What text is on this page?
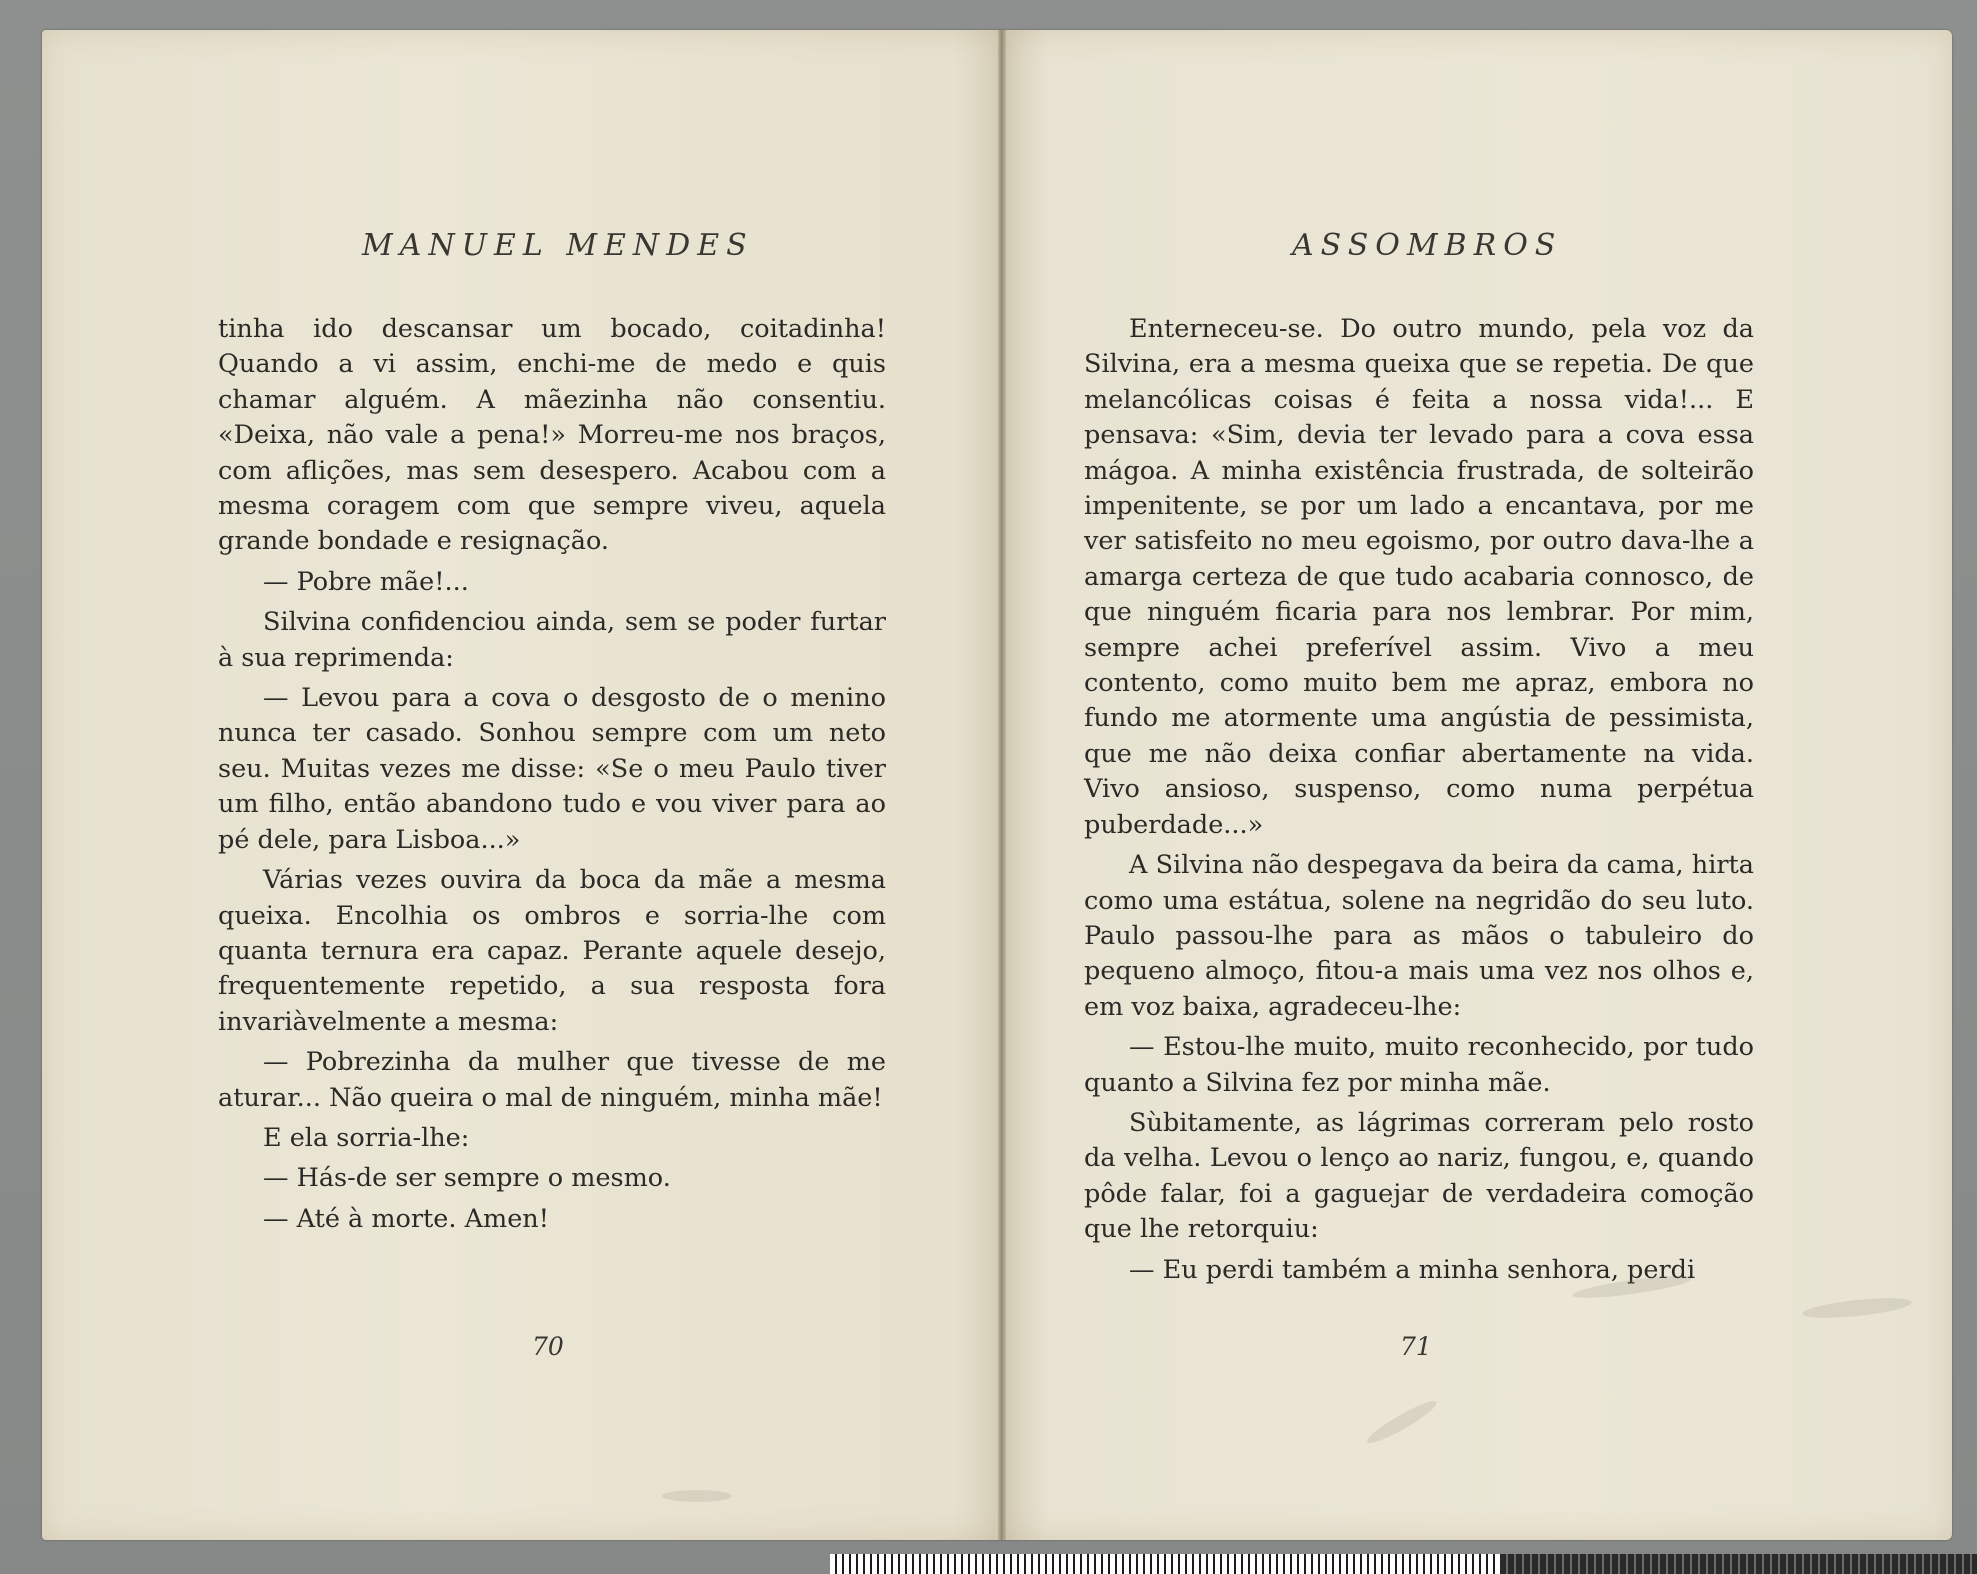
MANUEL MENDES

tinha ido descansar um bocado, coitadinha! Quando a vi assim, enchi-me de medo e quis chamar alguém. A mãezinha não consentiu. «Deixa, não vale a pena!» Morreu-me nos braços, com aflições, mas sem desespero. Acabou com a mesma coragem com que sempre viveu, aquela grande bondade e resignação.

— Pobre mãe!...

Silvina confidenciou ainda, sem se poder furtar à sua reprimenda:

— Levou para a cova o desgosto de o menino nunca ter casado. Sonhou sempre com um neto seu. Muitas vezes me disse: «Se o meu Paulo tiver um filho, então abandono tudo e vou viver para ao pé dele, para Lisboa...»

Várias vezes ouvira da boca da mãe a mesma queixa. Encolhia os ombros e sorria-lhe com quanta ternura era capaz. Perante aquele desejo, frequentemente repetido, a sua resposta fora invariàvelmente a mesma:

— Pobrezinha da mulher que tivesse de me aturar... Não queira o mal de ninguém, minha mãe!

E ela sorria-lhe:

— Hás-de ser sempre o mesmo.

— Até à morte. Amen!

70
ASSOMBROS

Enterneceu-se. Do outro mundo, pela voz da Silvina, era a mesma queixa que se repetia. De que melancólicas coisas é feita a nossa vida!... E pensava: «Sim, devia ter levado para a cova essa mágoa. A minha existência frustrada, de solteirão impenitente, se por um lado a encantava, por me ver satisfeito no meu egoismo, por outro dava-lhe a amarga certeza de que tudo acabaria connosco, de que ninguém ficaria para nos lembrar. Por mim, sempre achei preferível assim. Vivo a meu contento, como muito bem me apraz, embora no fundo me atormente uma angústia de pessimista, que me não deixa confiar abertamente na vida. Vivo ansioso, suspenso, como numa perpétua puberdade...»

A Silvina não despegava da beira da cama, hirta como uma estátua, solene na negridão do seu luto. Paulo passou-lhe para as mãos o tabuleiro do pequeno almoço, fitou-a mais uma vez nos olhos e, em voz baixa, agradeceu-lhe:

— Estou-lhe muito, muito reconhecido, por tudo quanto a Silvina fez por minha mãe.

Sùbitamente, as lágrimas correram pelo rosto da velha. Levou o lenço ao nariz, fungou, e, quando pôde falar, foi a gaguejar de verdadeira comoção que lhe retorquiu:

— Eu perdi também a minha senhora, perdi

71
